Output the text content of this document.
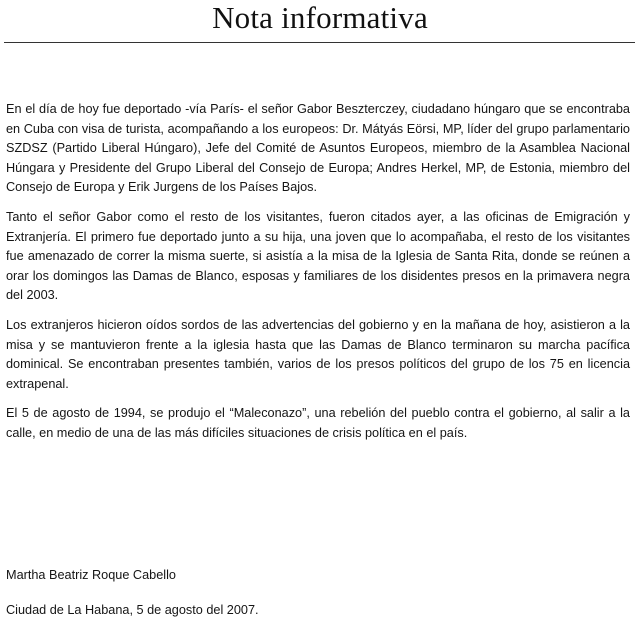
Nota informativa

En el día de hoy fue deportado -vía París- el señor Gabor Beszterczey, ciudadano húngaro que se encontraba en Cuba con visa de turista, acompañando a los europeos: Dr. Mátyás Eörsi, MP, líder del grupo parlamentario SZDSZ (Partido Liberal Húngaro), Jefe del Comité de Asuntos Europeos, miembro de la Asamblea Nacional Húngara y Presidente del Grupo Liberal del Consejo de Europa; Andres Herkel, MP, de Estonia, miembro del Consejo de Europa y Erik Jurgens de los Países Bajos.

Tanto el señor Gabor como el resto de los visitantes, fueron citados ayer, a las oficinas de Emigración y Extranjería. El primero fue deportado junto a su hija, una joven que lo acompañaba, el resto de los visitantes fue amenazado de correr la misma suerte, si asistía a la misa de la Iglesia de Santa Rita, donde se reúnen a orar los domingos las Damas de Blanco, esposas y familiares de los disidentes presos en la primavera negra del 2003.

Los extranjeros hicieron oídos sordos de las advertencias del gobierno y en la mañana de hoy, asistieron a la misa y se mantuvieron frente a la iglesia hasta que las Damas de Blanco terminaron su marcha pacífica dominical. Se encontraban presentes también, varios de los presos políticos del grupo de los 75 en licencia extrapenal.

El 5 de agosto de 1994, se produjo el “Maleconazo”, una rebelión del pueblo contra el gobierno, al salir a la calle, en medio de una de las más difíciles situaciones de crisis política en el país.

Martha Beatriz Roque Cabello
Ciudad de La Habana, 5 de agosto del 2007.
